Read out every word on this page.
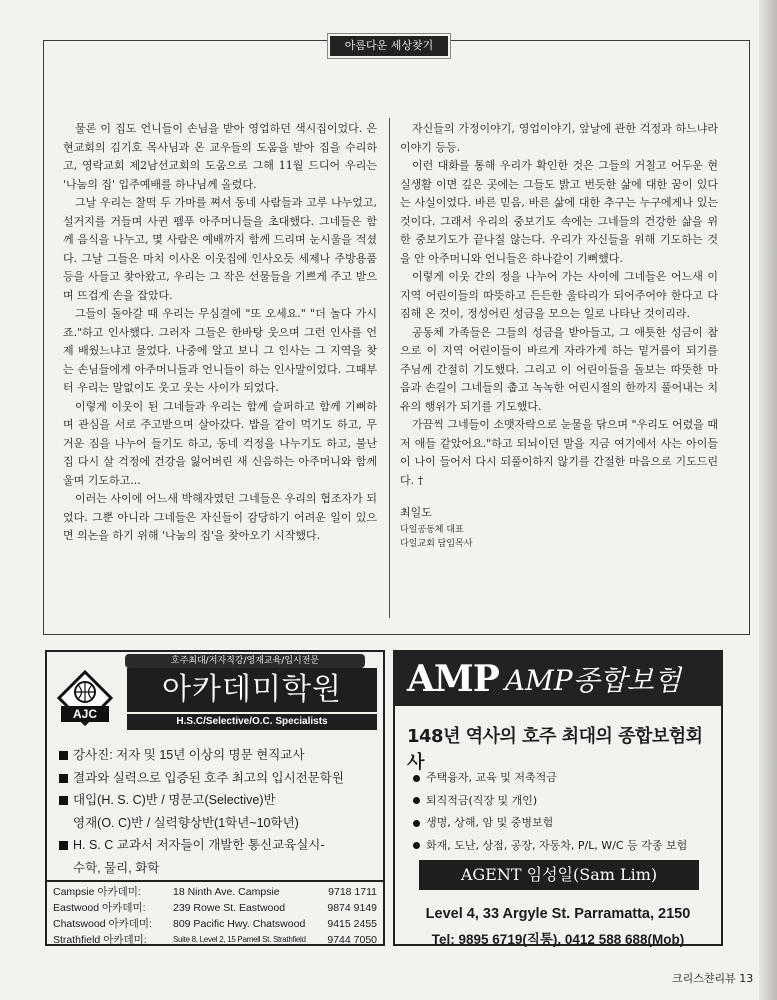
아름다운 세상찾기

물론 이 집도 언니들이 손님을 받아 영업하던 색시집이었다. 은현교회의 김기호 목사님과 온 교우들의 도움을 받아 집을 수리하고, 영락교회 제2남선교회의 도움으로 그해 11월 드디어 우리는 '나눔의 집' 입주예배를 하나님께 올렸다.

그날 우리는 찰떡 두 가마를 쪄서 동네 사람들과 고루 나누었고, 설거지를 거들며 사귄 펨푸 아주머니들을 초대했다. 그네들은 함께 음식을 나누고, 몇 사람은 예배까지 함께 드리며 눈시울을 적셨다. 그날 그들은 마치 이사온 이웃집에 인사오듯 세제나 주방용품 등을 사들고 찾아왔고, 우리는 그 작은 선물들을 기쁘게 주고 받으며 뜨겁게 손을 잡았다.

그들이 돌아갈 때 우리는 무심결에 "또 오세요." "더 놀다 가시죠."하고 인사했다. 그러자 그들은 한바탕 웃으며 그런 인사를 언제 배웠느냐고 물었다. 나중에 알고 보니 그 인사는 그 지역을 찾는 손님들에게 아주머니들과 언니들이 하는 인사말이었다. 그때부터 우리는 말없이도 웃고 웃는 사이가 되었다.

이렇게 이웃이 된 그네들과 우리는 함께 슬퍼하고 함께 기뻐하며 관심을 서로 주고받으며 살아갔다. 밥을 같이 먹기도 하고, 무거운 짐을 나누어 들기도 하고, 동네 걱정을 나누기도 하고, 불난 집 다시 살 걱정에 건강을 잃어버린 새 신음하는 아주머니와 함께 울며 기도하고...

이러는 사이에 어느새 박해자였던 그네들은 우리의 협조자가 되었다. 그뿐 아니라 그네들은 자신들이 감당하기 어려운 일이 있으면 의논을 하기 위해 '나눔의 집'을 찾아오기 시작했다.

자신들의 가정이야기, 영업이야기, 앞날에 관한 걱정과 하느냐라 이야기 등등.

이런 대화를 통해 우리가 확인한 것은 그들의 거칠고 어두운 현실생활 이면 깊은 곳에는 그들도 밝고 번듯한 삶에 대한 꿈이 있다는 사실이었다. 바른 믿음, 바른 삶에 대한 추구는 누구에게나 있는 것이다. 그래서 우리의 중보기도 속에는 그네들의 건강한 삶을 위한 중보기도가 끝나질 않는다. 우리가 자신들을 위해 기도하는 것을 안 아주머니와 언니들은 하나같이 기뻐했다.

이렇게 이웃 간의 정을 나누어 가는 사이에 그네들은 어느새 이 지역 어린이들의 따뜻하고 든든한 울타리가 되어주어야 한다고 다짐해 온 것이, 정성어린 성금을 모으는 일로 나타난 것이리라.

공동체 가족들은 그들의 성금을 받아들고, 그 애틋한 성금이 참으로 이 지역 어린이들이 바르게 자라가게 하는 밑거름이 되기를 주님께 간절히 기도했다. 그리고 이 어린이들을 돌보는 따뜻한 마음과 손길이 그네들의 춥고 녹녹한 어린시절의 한까지 풀어내는 치유의 행위가 되기를 기도했다.

가끔씩 그네들이 소맷자락으로 눈물을 닦으며 "우리도 어렸을 때 저 애들 같았어요."하고 되뇌이던 말을 지금 여기에서 사는 아이들이 나이 들어서 다시 되풀이하지 않기를 간절한 마음으로 기도드린다. †

최일도
다일공동체 대표
다일교회 담임목사
호주최대/저자직강/영재교육/입시전문
AJC
아카데미학원
H.S.C/Selective/O.C. Specialists
강사진: 저자 및 15년 이상의 명문 현직교사
결과와 실력으로 입증된 호주 최고의 입시전문학원
대입(H. S. C)반 / 명문고(Selective)반
영재(O. C)반 / 실력향상반(1학년~10학년)
H. S. C 교과서 저자들이 개발한 통신교육실시-
수학, 물리, 화학
Campsie 아카데미:	18 Ninth Ave. Campsie	9718 1711
Eastwood 아카데미:	239 Rowe St. Eastwood	9874 9149
Chatswood 아카데미:	809 Pacific Hwy. Chatswood	9415 2455
Strathfield 아카데미:	Suite 8, Level 2, 15 Parnell St. Strathfield	9744 7050
AMP AMP종합보험
148년 역사의 호주 최대의 종합보험회사
주택융자, 교육 및 저축적금
퇴직적금(직장 및 개인)
생명, 상해, 암 및 중병보험
화재, 도난, 상점, 공장, 자동차, P/L, W/C 등 각종 보험
AGENT 임성일(Sam Lim)
Level 4, 33 Argyle St. Parramatta, 2150
Tel: 9895 6719(직통), 0412 588 688(Mob)
크리스챤리뷰 13
